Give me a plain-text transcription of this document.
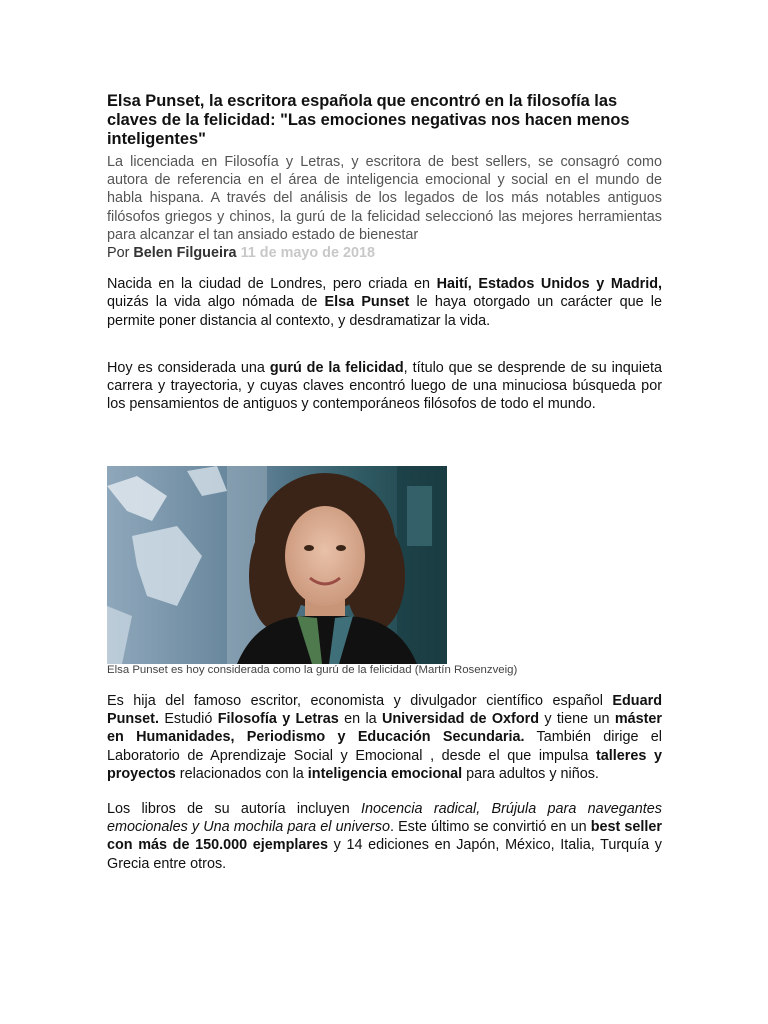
Elsa Punset, la escritora española que encontró en la filosofía las claves de la felicidad: "Las emociones negativas nos hacen menos inteligentes"

La licenciada en Filosofía y Letras, y escritora de best sellers, se consagró como autora de referencia en el área de inteligencia emocional y social en el mundo de habla hispana. A través del análisis de los legados de los más notables antiguos filósofos griegos y chinos, la gurú de la felicidad seleccionó las mejores herramientas para alcanzar el tan ansiado estado de bienestar

Por Belen Filgueira 11 de mayo de 2018

Nacida en la ciudad de Londres, pero criada en Haití, Estados Unidos y Madrid, quizás la vida algo nómada de Elsa Punset le haya otorgado un carácter que le permite poner distancia al contexto, y desdramatizar la vida.

Hoy es considerada una gurú de la felicidad, título que se desprende de su inquieta carrera y trayectoria, y cuyas claves encontró luego de una minuciosa búsqueda por los pensamientos de antiguos y contemporáneos filósofos de todo el mundo.

Elsa Punset es hoy considerada como la gurú de la felicidad (Martín Rosenzveig)

Es hija del famoso escritor, economista y divulgador científico español Eduard Punset. Estudió Filosofía y Letras en la Universidad de Oxford y tiene un máster en Humanidades, Periodismo y Educación Secundaria. También dirige el Laboratorio de Aprendizaje Social y Emocional , desde el que impulsa talleres y proyectos relacionados con la inteligencia emocional para adultos y niños.

Los libros de su autoría incluyen Inocencia radical, Brújula para navegantes emocionales y Una mochila para el universo. Este último se convirtió en un best seller con más de 150.000 ejemplares y 14 ediciones en Japón, México, Italia, Turquía y Grecia entre otros.
